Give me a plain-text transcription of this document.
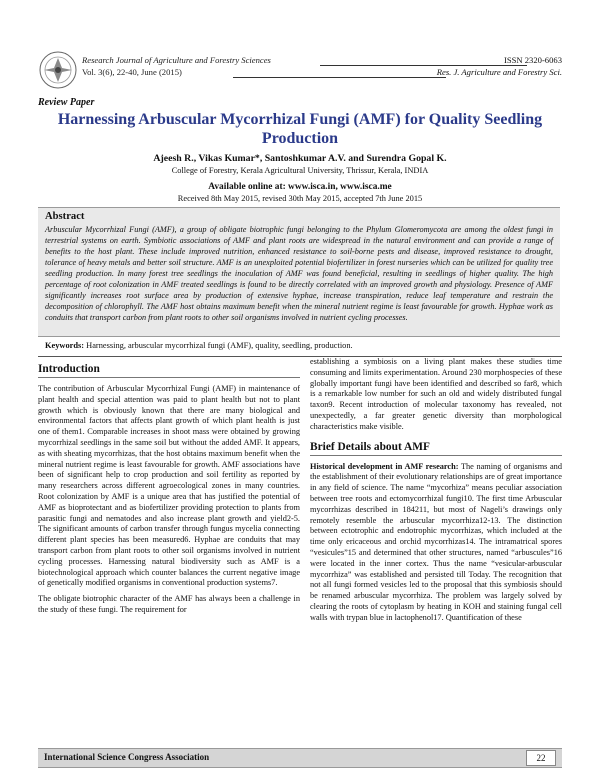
Research Journal of Agriculture and Forestry Sciences
Vol. 3(6), 22-40, June (2015)
ISSN 2320-6063
Res. J. Agriculture and Forestry Sci.
Review Paper
Harnessing Arbuscular Mycorrhizal Fungi (AMF) for Quality Seedling Production
Ajeesh R., Vikas Kumar*, Santoshkumar A.V. and Surendra Gopal K.
College of Forestry, Kerala Agricultural University, Thrissur, Kerala, INDIA
Available online at: www.isca.in, www.isca.me
Received 8th May 2015, revised 30th May 2015, accepted 7th June 2015
Abstract

Arbuscular Mycorrhizal Fungi (AMF), a group of obligate biotrophic fungi belonging to the Phylum Glomeromycota are among the oldest fungi in terrestrial systems on earth. Symbiotic associations of AMF and plant roots are widespread in the natural environment and can provide a range of benefits to the host plant. These include improved nutrition, enhanced resistance to soil-borne pests and disease, improved resistance to drought, tolerance of heavy metals and better soil structure. AMF is an unexploited potential biofertilizer in forest nurseries which can be utilized for quality tree seedling production. In many forest tree seedlings the inoculation of AMF was found beneficial, resulting in seedlings of higher quality. The high percentage of root colonization in AMF treated seedlings is found to be directly correlated with an improved growth and physiology. Presence of AMF significantly increases root surface area by production of extensive hyphae, increase transpiration, reduce leaf temperature and restrain the decomposition of chlorophyll. The AMF host obtains maximum benefit when the mineral nutrient regime is least favourable for growth. Hyphae work as conduits that transport carbon from plant roots to other soil organisms involved in nutrient cycling processes.

Keywords: Harnessing, arbuscular mycorrhizal fungi (AMF), quality, seedling, production.
Introduction

The contribution of Arbuscular Mycorrhizal Fungi (AMF) in maintenance of plant health and special attention was paid to plant health but not to plant growth which is obviously known that there are many biological and environmental factors that affects plant growth of which plant health is just one of them1. Comparable increases in shoot mass were obtained by growing mycorrhizal seedlings in the same soil but without the added AMF. It appears, as with sheating mycorrhizas, that the host obtains maximum benefit when the mineral nutrient regime is least favourable for growth. AMF associations have been of significant help to crop production and soil fertility as reported by many researchers across different agroecological zones in many countries. Root colonization by AMF is a unique area that has justified the potential of AMF as bioprotectant and as biofertilizer providing protection to plants from parasitic fungi and nematodes and also increase plant growth and yield2-5. The significant amounts of carbon transfer through fungus mycelia connecting different plant species has been measured6. Hyphae are conduits that may transport carbon from plant roots to other soil organisms involved in nutrient cycling processes. Harnessing natural biodiversity such as AMF is a biotechnological approach which counter balances the current negative image of genetically modified organisms in conventional production systems7.

The obligate biotrophic character of the AMF has always been a challenge in the study of these fungi. The requirement for

establishing a symbiosis on a living plant makes these studies time consuming and limits experimentation. Around 230 morphospecies of these globally important fungi have been identified and described so far8, which is a remarkable low number for such an old and widely distributed fungal taxon9. Recent introduction of molecular taxonomy has revealed, not unexpectedly, a far greater genetic diversity than morphological characteristics make visible.

Brief Details about AMF

Historical development in AMF research: The naming of organisms and the establishment of their evolutionary relationships are of great importance in any field of science. The name “mycorhiza” means peculiar association between tree roots and ectomycorrhizal fungi10. The first time Arbuscular mycorrhizas described in 184211, but most of Nageli’s drawings only remotely resemble the arbuscular mycorrhiza12-13. The distinction between ectotrophic and endotrophic mycorrhizas, which included at the time only ericaceous and orchid mycorrhizas14. The intramatrical spores “vesicules”15 and determined that other structures, named “arbuscules”16 were located in the inner cortex. Thus the name “vesicular-arbuscular mycorrhiza” was established and persisted till Today. The recognition that not all fungi formed vesicles led to the proposal that this symbiosis should be renamed arbuscular mycorrhiza. The problem was largely solved by clearing the roots of cytoplasm by heating in KOH and staining fungal cell walls with trypan blue in lactophenol17. Quantification of these

International Science Congress Association	22
